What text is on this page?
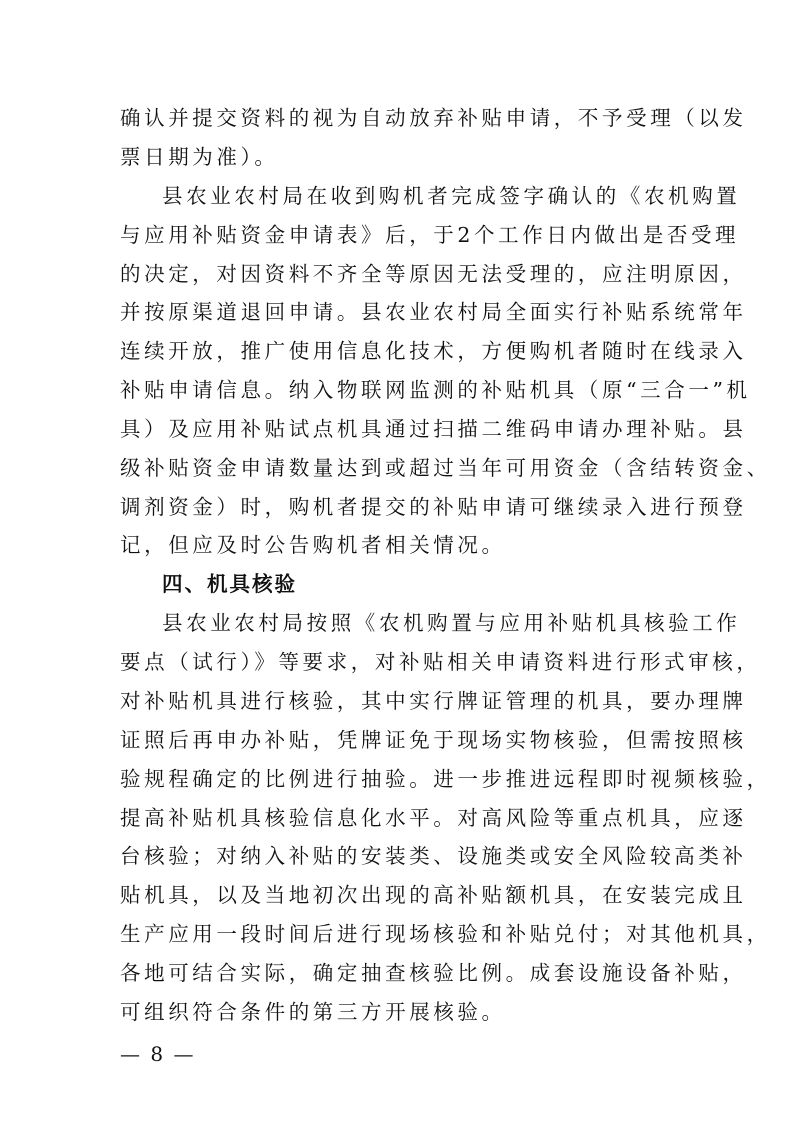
确认并提交资料的视为自动放弃补贴申请，不予受理（以发
票日期为准）。
县农业农村局在收到购机者完成签字确认的《农机购置
与应用补贴资金申请表》后，于2个工作日内做出是否受理
的决定，对因资料不齐全等原因无法受理的，应注明原因，
并按原渠道退回申请。县农业农村局全面实行补贴系统常年
连续开放，推广使用信息化技术，方便购机者随时在线录入
补贴申请信息。纳入物联网监测的补贴机具（原“三合一”机
具）及应用补贴试点机具通过扫描二维码申请办理补贴。县
级补贴资金申请数量达到或超过当年可用资金（含结转资金、
调剂资金）时，购机者提交的补贴申请可继续录入进行预登
记，但应及时公告购机者相关情况。
四、机具核验
县农业农村局按照《农机购置与应用补贴机具核验工作
要点（试行）》等要求，对补贴相关申请资料进行形式审核，
对补贴机具进行核验，其中实行牌证管理的机具，要办理牌
证照后再申办补贴，凭牌证免于现场实物核验，但需按照核
验规程确定的比例进行抽验。进一步推进远程即时视频核验，
提高补贴机具核验信息化水平。对高风险等重点机具，应逐
台核验；对纳入补贴的安装类、设施类或安全风险较高类补
贴机具，以及当地初次出现的高补贴额机具，在安装完成且
生产应用一段时间后进行现场核验和补贴兑付；对其他机具，
各地可结合实际，确定抽查核验比例。成套设施设备补贴，
可组织符合条件的第三方开展核验。
— 8 —
